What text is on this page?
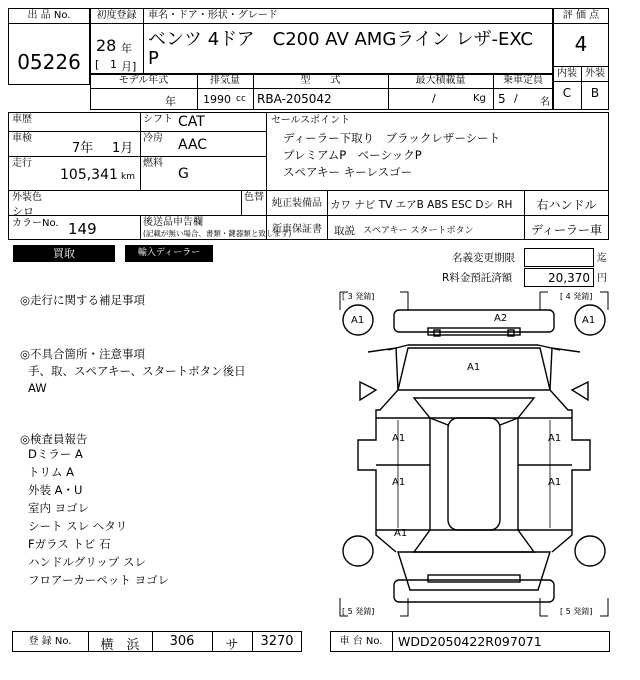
出 品 No.
05226
初度登録	車名・ドア・形状・グレード
28 年
[ 1 月]
ベンツ 4ドア　C200 AV AMGライン レザ-EXC
P
評 価 点
4
内装 外装
C	B
モデル年式	排気量	型　　式	最大積載量	乗車定員
年 1990 cc RBA-205042	/	Kg 5 / 名
車歴	シフト CAT
車検
7年 1月
冷房 AAC
走行
105,341 km
燃料
G
セールスポイント
ディーラー下取り　ブラックレザーシート
プレミアムP　ベーシックP
スペアキー キーレスゴー
外装色
シロ
色替
純正装備品 カワ ナビ TV エアB ABS ESC Dシ RH	右ハンドル
カラーNo. 149	後送品申告欄
(記載が無い場合、書類・鍵器類と致します)
新車保証書 取説 スペアキー スタートボタン	ディーラー車
買取	輸入ディーラー	名義変更期限	迄
R料金預託済額	20,370 円
◎走行に関する補足事項
◎不具合箇所・注意事項
手、取、スペアキー、スタートボタン後日
AW
◎検査員報告
Dミラー A
トリム A
外装 A・U
室内 ヨゴレ
シート スレ ヘタリ
Fガラス トビ 石
ハンドルグリップ スレ
フロアーカーペット ヨゴレ
[ 3 発錆]	[ 4 発錆]
[ 5 発錆]	[ 5 発錆]
A2
A1
A1	A1
A1
A1
A1
A1
A1
登 録 No.	横　浜	306	サ	3270	車 台 No.	WDD2050422R097071
